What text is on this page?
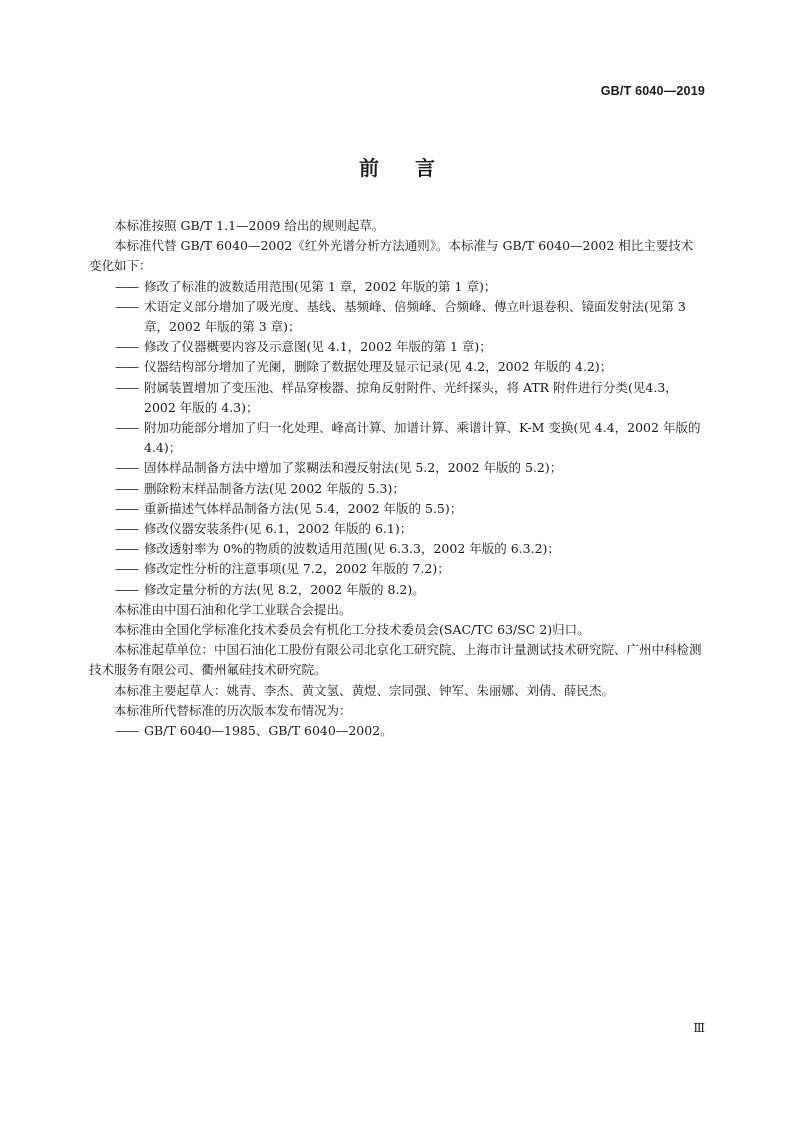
GB/T 6040—2019
前言

本标准按照 GB/T 1.1—2009 给出的规则起草。

本标准代替 GB/T 6040—2002《红外光谱分析方法通则》。本标准与 GB/T 6040—2002 相比主要技术变化如下：

—— 修改了标准的波数适用范围(见第 1 章，2002 年版的第 1 章)；
—— 术语定义部分增加了吸光度、基线、基频峰、倍频峰、合频峰、傅立叶退卷积、镜面发射法(见第 3 章，2002 年版的第 3 章)；
—— 修改了仪器概要内容及示意图(见 4.1，2002 年版的第 1 章)；
—— 仪器结构部分增加了光阑，删除了数据处理及显示记录(见 4.2，2002 年版的 4.2)；
—— 附属装置增加了变压池、样品穿梭器、掠角反射附件、光纤探头，将 ATR 附件进行分类(见4.3，2002 年版的 4.3)；
—— 附加功能部分增加了归一化处理、峰高计算、加谱计算、乘谱计算、K-M 变换(见 4.4，2002 年版的 4.4)；
—— 固体样品制备方法中增加了浆糊法和漫反射法(见 5.2，2002 年版的 5.2)；
—— 删除粉末样品制备方法(见 2002 年版的 5.3)；
—— 重新描述气体样品制备方法(见 5.4，2002 年版的 5.5)；
—— 修改仪器安装条件(见 6.1，2002 年版的 6.1)；
—— 修改透射率为 0%的物质的波数适用范围(见 6.3.3，2002 年版的 6.3.2)；
—— 修改定性分析的注意事项(见 7.2，2002 年版的 7.2)；
—— 修改定量分析的方法(见 8.2，2002 年版的 8.2)。

本标准由中国石油和化学工业联合会提出。

本标准由全国化学标准化技术委员会有机化工分技术委员会(SAC/TC 63/SC 2)归口。

本标准起草单位：中国石油化工股份有限公司北京化工研究院、上海市计量测试技术研究院、广州中科检测技术服务有限公司、衢州氟硅技术研究院。

本标准主要起草人：姚青、李杰、黄文氢、黄煜、宗同强、钟军、朱丽娜、刘倩、薛民杰。

本标准所代替标准的历次版本发布情况为：

—— GB/T 6040—1985、GB/T 6040—2002。
Ⅲ
